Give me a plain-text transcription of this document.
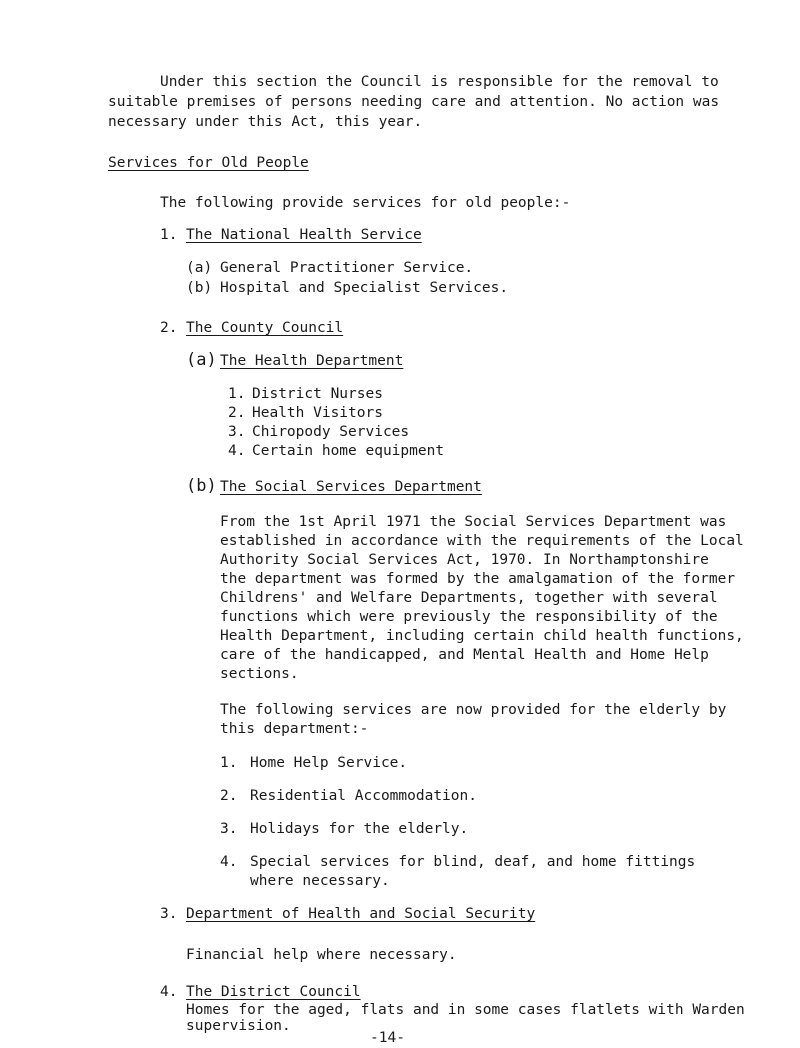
Under this section the Council is responsible for the removal to
suitable premises of persons needing care and attention. No action was
necessary under this Act, this year.
Services for Old People
The following provide services for old people:-
1. The National Health Service
(a) General Practitioner Service.
(b) Hospital and Specialist Services.
2. The County Council
(a) The Health Department
1. District Nurses
2. Health Visitors
3. Chiropody Services
4. Certain home equipment
(b) The Social Services Department
From the 1st April 1971 the Social Services Department was
established in accordance with the requirements of the Local
Authority Social Services Act, 1970. In Northamptonshire
the department was formed by the amalgamation of the former
Childrens' and Welfare Departments, together with several
functions which were previously the responsibility of the
Health Department, including certain child health functions,
care of the handicapped, and Mental Health and Home Help
sections.
The following services are now provided for the elderly by
this department:-
1. Home Help Service.
2. Residential Accommodation.
3. Holidays for the elderly.
4. Special services for blind, deaf, and home fittings
where necessary.
3. Department of Health and Social Security
Financial help where necessary.
4. The District Council
Homes for the aged, flats and in some cases flatlets with Warden
supervision.
-14-
